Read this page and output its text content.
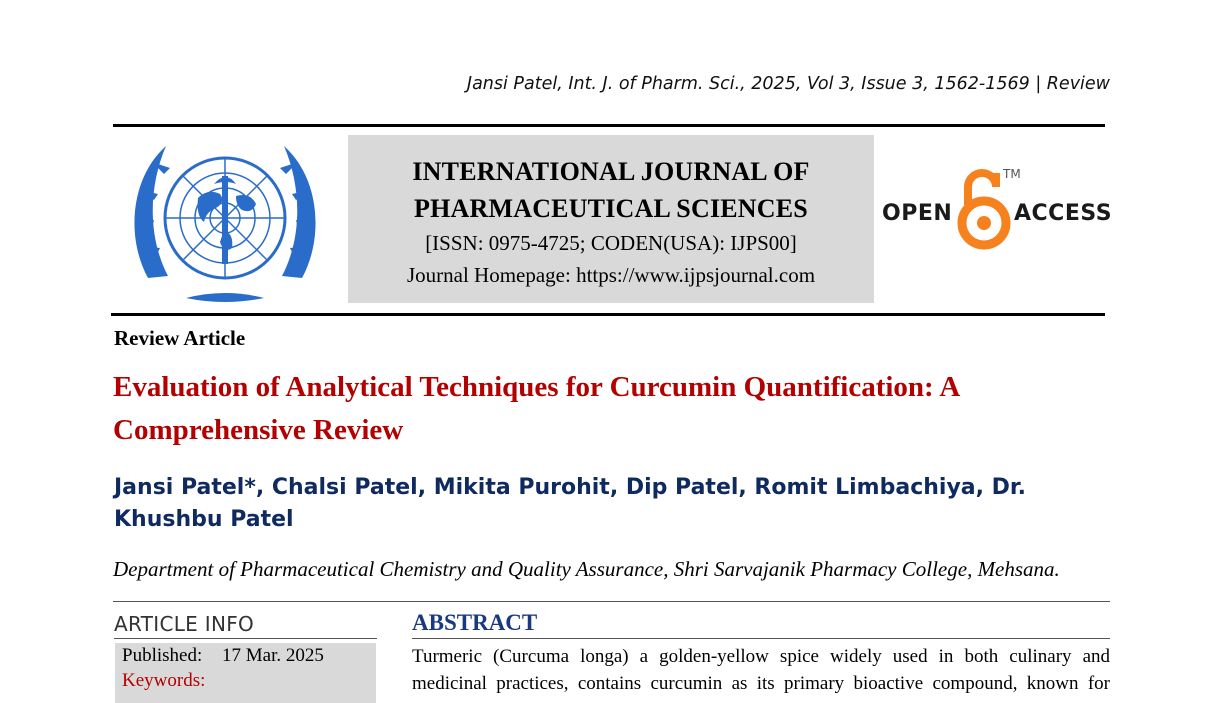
Jansi Patel, Int. J. of Pharm. Sci., 2025, Vol 3, Issue 3, 1562-1569 | Review
INTERNATIONAL JOURNAL OF
PHARMACEUTICAL SCIENCES
[ISSN: 0975-4725; CODEN(USA): IJPS00]
Journal Homepage: https://www.ijpsjournal.com
OPEN
TM
ACCESS
Review Article
Evaluation of Analytical Techniques for Curcumin Quantification: A Comprehensive Review
Jansi Patel*, Chalsi Patel, Mikita Purohit, Dip Patel, Romit Limbachiya, Dr. Khushbu Patel
Department of Pharmaceutical Chemistry and Quality Assurance, Shri Sarvajanik Pharmacy College, Mehsana.
ARTICLE INFO
Published: 17 Mar. 2025
Keywords:
ABSTRACT
Turmeric (Curcuma longa) a golden-yellow spice widely used in both culinary and medicinal practices, contains curcumin as its primary bioactive compound, known for
